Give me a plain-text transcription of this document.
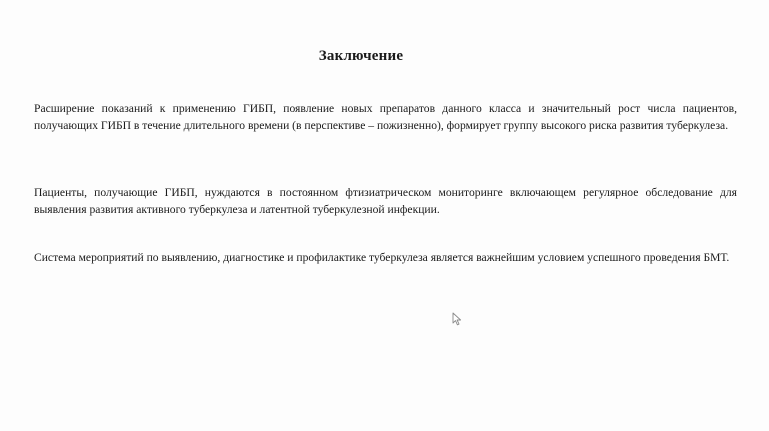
Заключение
Расширение показаний к применению ГИБП, появление новых препаратов данного класса и значительный рост числа пациентов, получающих ГИБП в течение длительного времени (в перспективе – пожизненно), формирует группу высокого риска развития туберкулеза.
Пациенты, получающие ГИБП, нуждаются в постоянном фтизиатрическом мониторинге включающем регулярное обследование для выявления развития активного туберкулеза и латентной туберкулезной инфекции.
Система мероприятий по выявлению, диагностике и профилактике туберкулеза является важнейшим условием успешного проведения БМТ.
